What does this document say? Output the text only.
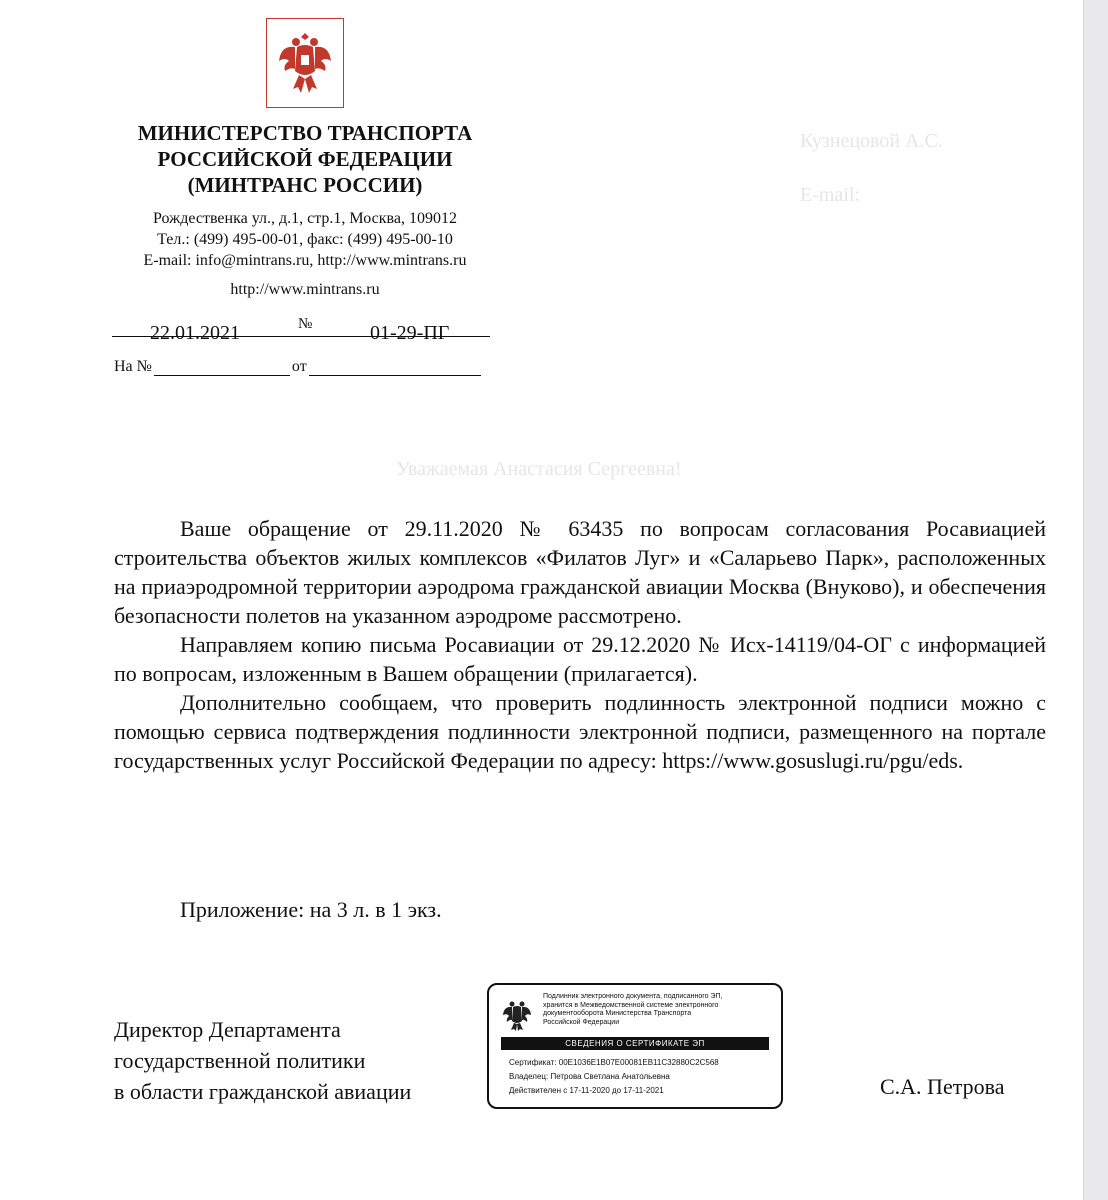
МИНИСТЕРСТВО ТРАНСПОРТА
РОССИЙСКОЙ ФЕДЕРАЦИИ
(МИНТРАНС РОССИИ)
Рождественка ул., д.1, стр.1, Москва, 109012
Тел.: (499) 495-00-01, факс: (499) 495-00-10
E-mail: info@mintrans.ru, http://www.mintrans.ru
http://www.mintrans.ru
22.01.2021	№	01-29-ПГ
На №	от
Кузнецовой А.С.
E-mail:
Уважаемая Анастасия Сергеевна!

Ваше обращение от 29.11.2020 № 63435 по вопросам согласования Росавиацией строительства объектов жилых комплексов «Филатов Луг» и «Саларьево Парк», расположенных на приаэродромной территории аэродрома гражданской авиации Москва (Внуково), и обеспечения безопасности полетов на указанном аэродроме рассмотрено.

Направляем копию письма Росавиации от 29.12.2020 № Исх-14119/04-ОГ с информацией по вопросам, изложенным в Вашем обращении (прилагается).

Дополнительно сообщаем, что проверить подлинность электронной подписи можно с помощью сервиса подтверждения подлинности электронной подписи, размещенного на портале государственных услуг Российской Федерации по адресу: https://www.gosuslugi.ru/pgu/eds.

Приложение: на 3 л. в 1 экз.
Директор Департамента
государственной политики
в области гражданской авиации
Подлинник электронного документа, подписанного ЭП,
хранится в Межведомственной системе электронного
документооборота Министерства Транспорта
Российской Федерации
СВЕДЕНИЯ О СЕРТИФИКАТЕ ЭП
Сертификат: 00E1036E1B07E00081EB11C32880C2C568
Владелец: Петрова Светлана Анатольевна
Действителен с 17-11-2020 до 17-11-2021	С.А. Петрова
